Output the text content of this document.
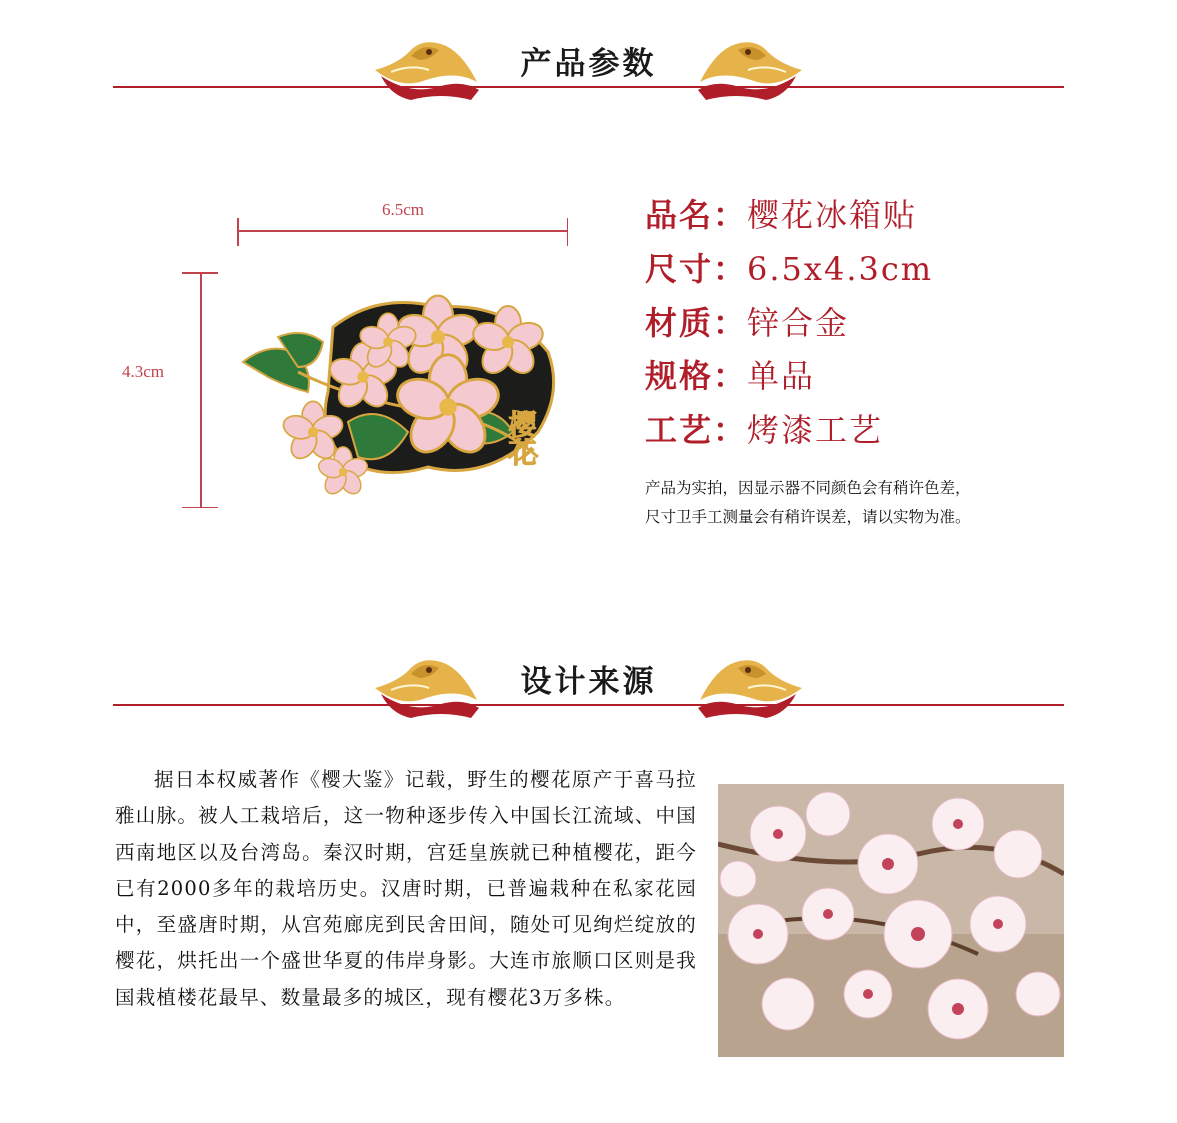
产品参数
6.5cm
4.3cm
樱花
品名：樱花冰箱贴
尺寸：6.5x4.3cm
材质：锌合金
规格：单品
工艺：烤漆工艺
产品为实拍，因显示器不同颜色会有稍许色差，
尺寸卫手工测量会有稍许误差，请以实物为准。
设计来源
据日本权威著作《樱大鉴》记载，野生的樱花原产于喜马拉雅山脉。被人工栽培后，这一物种逐步传入中国长江流域、中国西南地区以及台湾岛。秦汉时期，宫廷皇族就已种植樱花，距今已有2000多年的栽培历史。汉唐时期，已普遍栽种在私家花园中，至盛唐时期，从宫苑廊庑到民舍田间，随处可见绚烂绽放的樱花，烘托出一个盛世华夏的伟岸身影。大连市旅顺口区则是我国栽植楼花最早、数量最多的城区，现有樱花3万多株。
